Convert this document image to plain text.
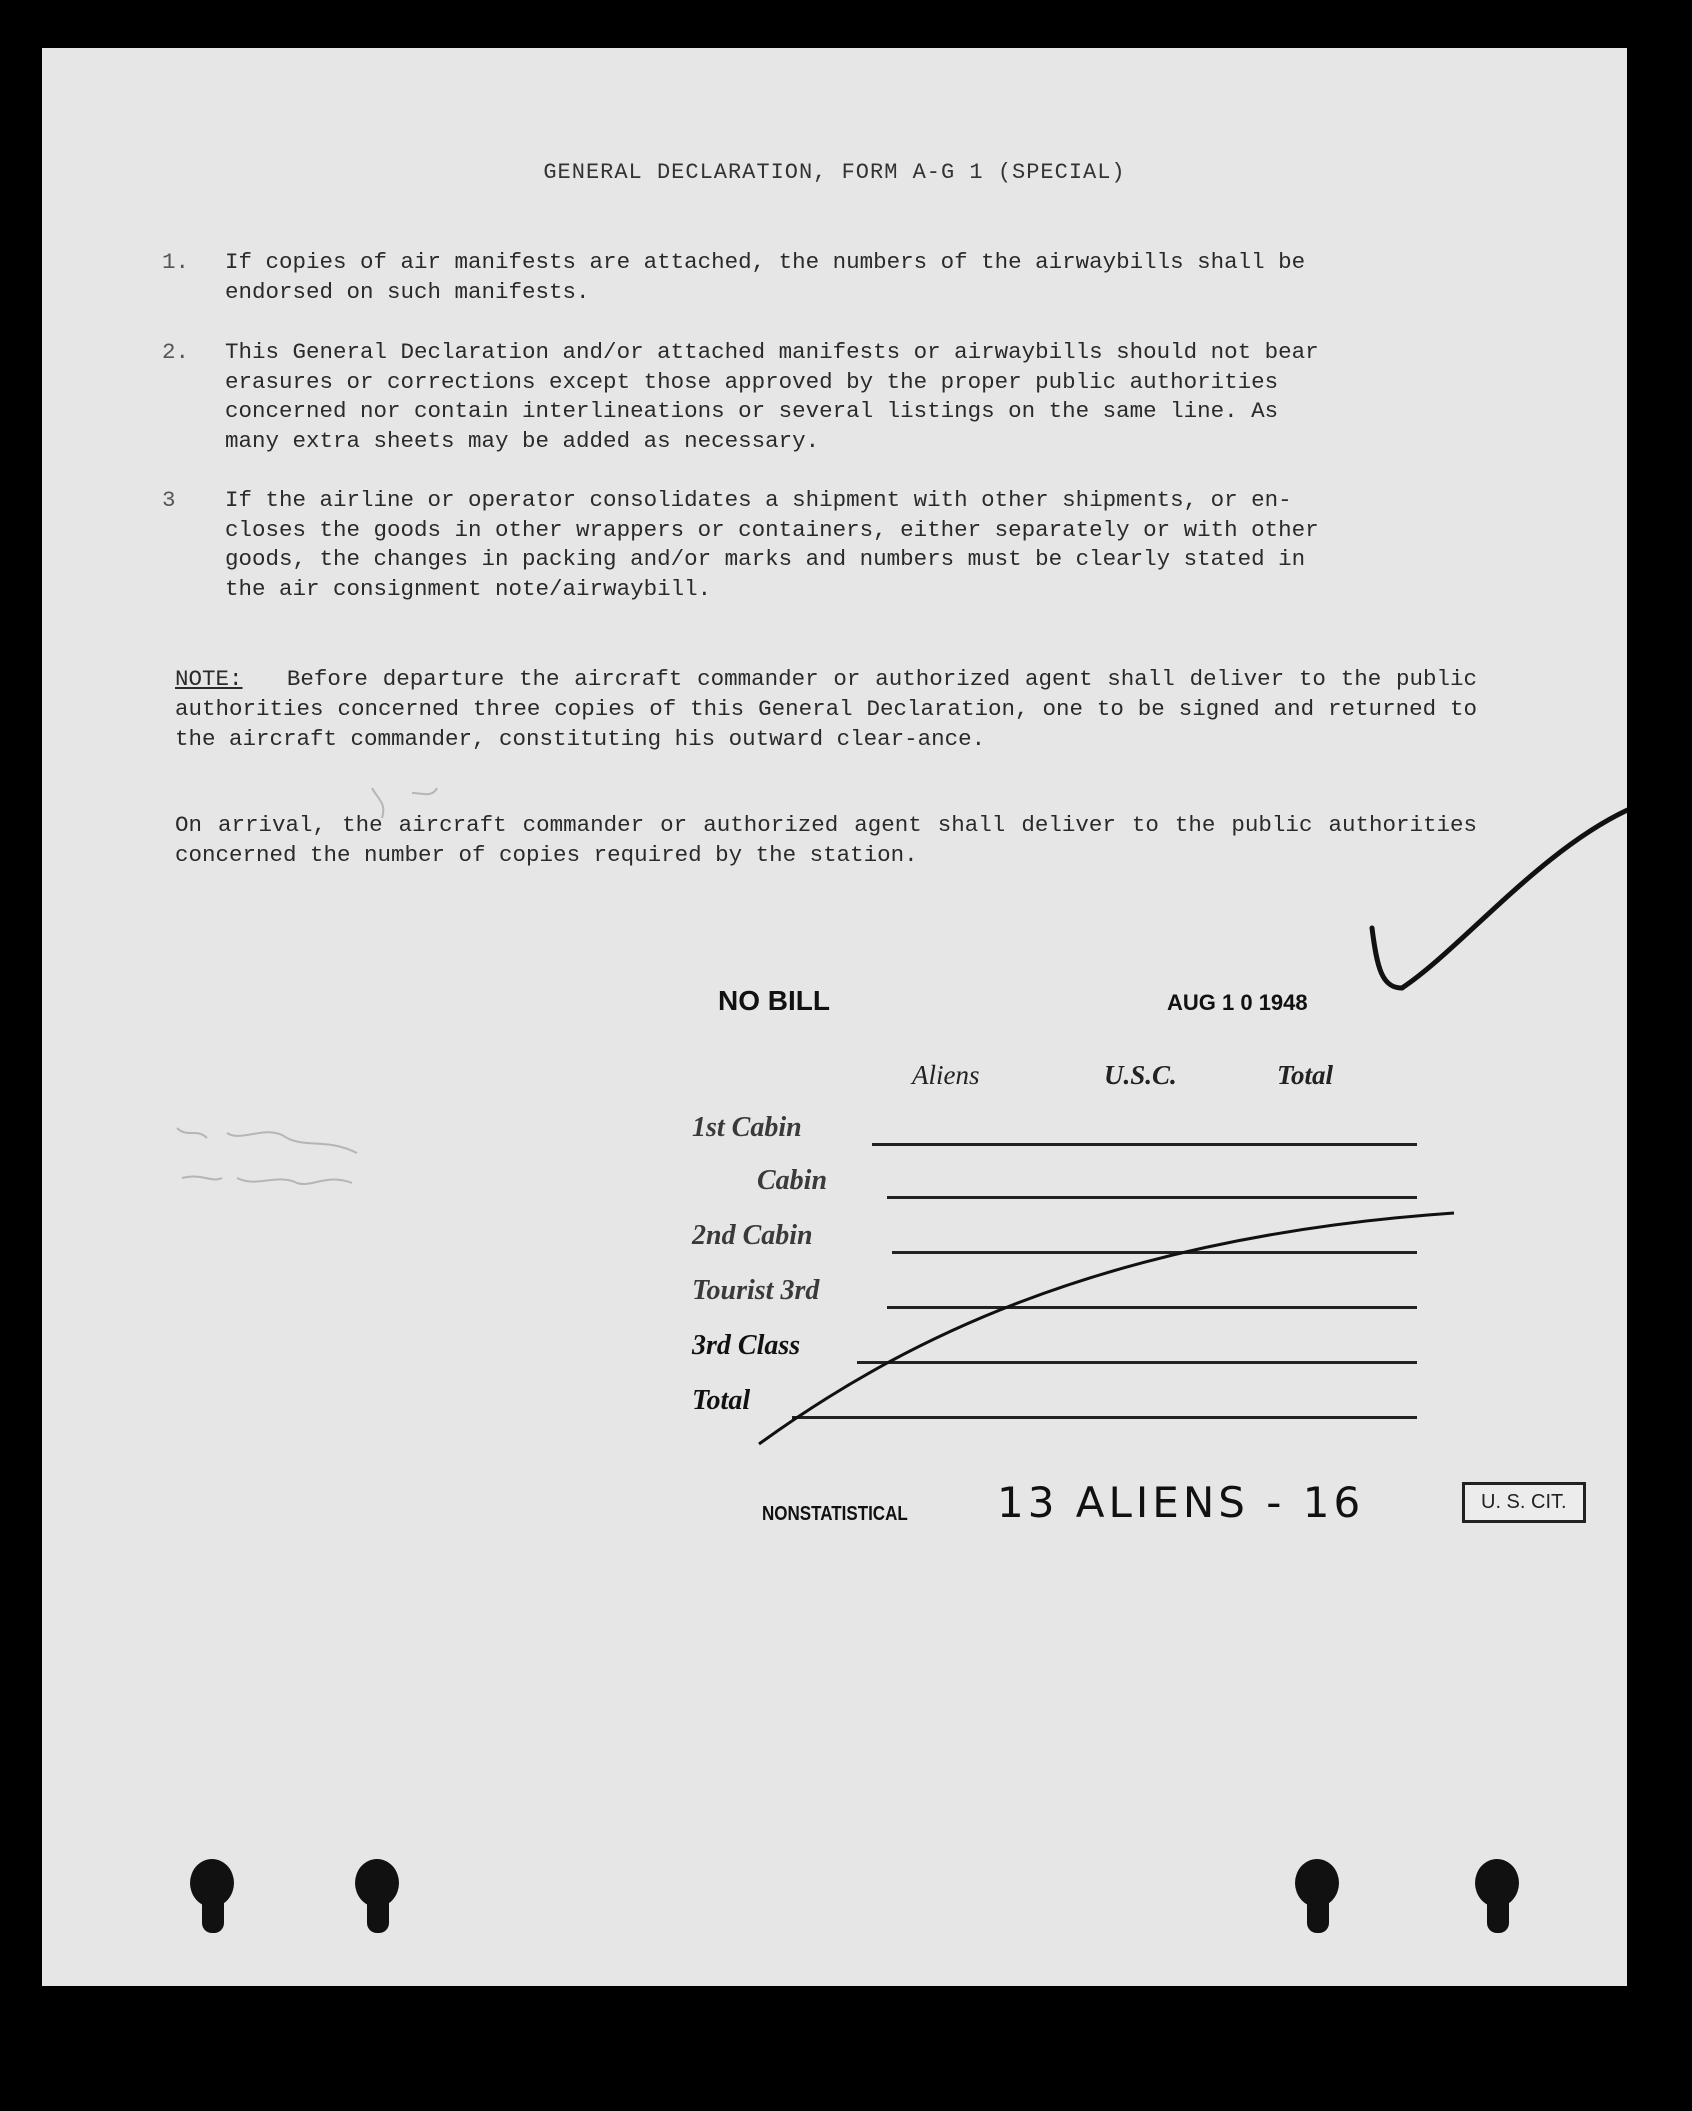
GENERAL DECLARATION, FORM A-G 1 (SPECIAL)
1.	If copies of air manifests are attached, the numbers of the airwaybills shall be
endorsed on such manifests.
2.	This General Declaration and/or attached manifests or airwaybills should not bear
erasures or corrections except those approved by the proper public authorities
concerned nor contain interlineations or several listings on the same line. As
many extra sheets may be added as necessary.
3	If the airline or operator consolidates a shipment with other shipments, or en-
closes the goods in other wrappers or containers, either separately or with other
goods, the changes in packing and/or marks and numbers must be clearly stated in
the air consignment note/airwaybill.
NOTE: Before departure the aircraft commander or authorized agent shall deliver to the public authorities concerned three copies of this General Declaration, one to be signed and returned to the aircraft commander, constituting his outward clear-ance.
On arrival, the aircraft commander or authorized agent shall deliver to the public authorities concerned the number of copies required by the station.
NO BILL	AUG 1 0 1948
Aliens	U.S.C.	Total
1st Cabin
Cabin
2nd Cabin
Tourist 3rd
3rd Class
Total
NONSTATISTICAL 13 ALIENS - 16	U. S. CIT.
